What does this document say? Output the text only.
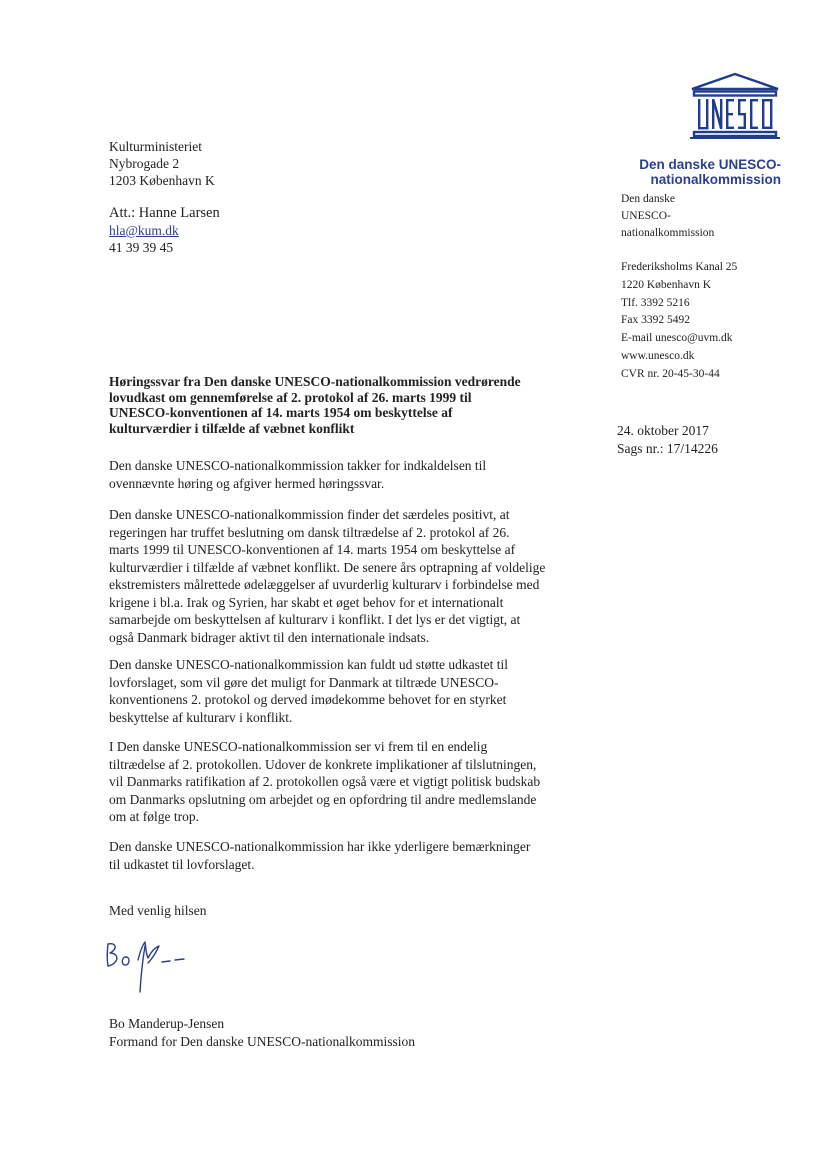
Kulturministeriet
Nybrogade 2
1203 København K
Att.: Hanne Larsen
hla@kum.dk
41 39 39 45
Den danske UNESCO-
nationalkommission
Den danske
UNESCO-
nationalkommission
Frederiksholms Kanal 25
1220 København K
Tlf. 3392 5216
Fax 3392 5492
E-mail unesco@uvm.dk
www.unesco.dk
CVR nr. 20-45-30-44
24. oktober 2017
Sags nr.: 17/14226
Høringssvar fra Den danske UNESCO-nationalkommission vedrørende
lovudkast om gennemførelse af 2. protokol af 26. marts 1999 til
UNESCO-konventionen af 14. marts 1954 om beskyttelse af
kulturværdier i tilfælde af væbnet konflikt
Den danske UNESCO-nationalkommission takker for indkaldelsen til
ovennævnte høring og afgiver hermed høringssvar.
Den danske UNESCO-nationalkommission finder det særdeles positivt, at
regeringen har truffet beslutning om dansk tiltrædelse af 2. protokol af 26.
marts 1999 til UNESCO-konventionen af 14. marts 1954 om beskyttelse af
kulturværdier i tilfælde af væbnet konflikt. De senere års optrapning af voldelige
ekstremisters målrettede ødelæggelser af uvurderlig kulturarv i forbindelse med
krigene i bl.a. Irak og Syrien, har skabt et øget behov for et internationalt
samarbejde om beskyttelsen af kulturarv i konflikt. I det lys er det vigtigt, at
også Danmark bidrager aktivt til den internationale indsats.
Den danske UNESCO-nationalkommission kan fuldt ud støtte udkastet til
lovforslaget, som vil gøre det muligt for Danmark at tiltræde UNESCO-
konventionens 2. protokol og derved imødekomme behovet for en styrket
beskyttelse af kulturarv i konflikt.
I Den danske UNESCO-nationalkommission ser vi frem til en endelig
tiltrædelse af 2. protokollen. Udover de konkrete implikationer af tilslutningen,
vil Danmarks ratifikation af 2. protokollen også være et vigtigt politisk budskab
om Danmarks opslutning om arbejdet og en opfordring til andre medlemslande
om at følge trop.
Den danske UNESCO-nationalkommission har ikke yderligere bemærkninger
til udkastet til lovforslaget.
Med venlig hilsen
Bo Manderup-Jensen
Formand for Den danske UNESCO-nationalkommission
